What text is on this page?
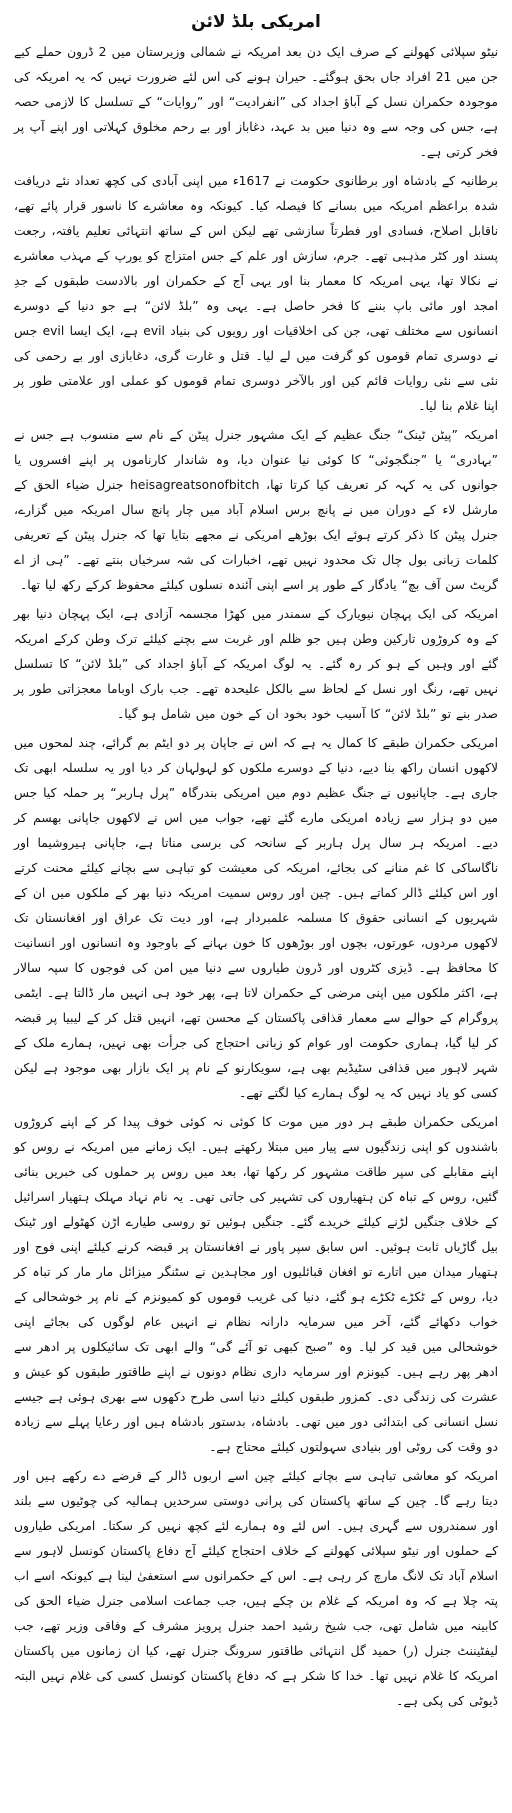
امریکی بلڈ لائن

نیٹو سپلائی کھولنے کے صرف ایک دن بعد امریکہ نے شمالی وزیرستان میں 2 ڈرون حملے کیے جن میں 21 افراد جاں بحق ہوگئے۔ حیران ہونے کی اس لئے ضرورت نہیں کہ یہ امریکہ کی موجودہ حکمران نسل کے آباؤ اجداد کی ”انفرادیت“ اور ”روایات“ کے تسلسل کا لازمی حصہ ہے، جس کی وجہ سے وہ دنیا میں بد عہد، دغاباز اور بے رحم مخلوق کہلاتی اور اپنے آپ پر فخر کرتی ہے۔

برطانیہ کے بادشاہ اور برطانوی حکومت نے 1617ء میں اپنی آبادی کی کچھ تعداد نئے دریافت شدہ براعظم امریکہ میں بسانے کا فیصلہ کیا۔ کیونکہ وہ معاشرے کا ناسور قرار پائے تھے، ناقابل اصلاح، فسادی اور فطرتاً سازشی تھے لیکن اس کے ساتھ انتہائی تعلیم یافتہ، رجعت پسند اور کٹر مذہبی تھے۔ جرم، سازش اور علم کے جس امتزاج کو یورپ کے مہذب معاشرے نے نکالا تھا، یہی امریکہ کا معمار بنا اور یہی آج کے حکمران اور بالادست طبقوں کے جدِ امجد اور مائی باپ بننے کا فخر حاصل ہے۔ یہی وہ ”بلڈ لائن“ ہے جو دنیا کے دوسرے انسانوں سے مختلف تھی، جن کی اخلاقیات اور رویوں کی بنیاد evil ہے، ایک ایسا evil جس نے دوسری تمام قوموں کو گرفت میں لے لیا۔ قتل و غارت گری، دغابازی اور بے رحمی کی نئی سے نئی روایات قائم کیں اور بالآخر دوسری تمام قوموں کو عملی اور علامتی طور پر اپنا غلام بنا لیا۔

امریکہ ”پیٹن ٹینک“ جنگ عظیم کے ایک مشہور جنرل پیٹن کے نام سے منسوب ہے جس نے ”بہادری“ یا ”جنگجوئی“ کا کوئی نیا عنوان دیا، وہ شاندار کارناموں پر اپنے افسروں یا جوانوں کی یہ کہہ کر تعریف کیا کرتا تھا، heisagreatsonofbitch جنرل ضیاء الحق کے مارشل لاء کے دوران میں نے پانچ برس اسلام آباد میں چار پانچ سال امریکہ میں گزارے، جنرل پیٹن کا ذکر کرتے ہوئے ایک بوڑھے امریکی نے مجھے بتایا تھا کہ جنرل پیٹن کے تعریفی کلمات زبانی بول چال تک محدود نہیں تھے، اخبارات کی شہ سرخیاں بنتے تھے۔ ”ہی از اے گریٹ سن آف بچ“ یادگار کے طور پر اسے اپنی آئندہ نسلوں کیلئے محفوظ کرکے رکھ لیا تھا۔

امریکہ کی ایک پہچان نیویارک کے سمندر میں کھڑا مجسمہ آزادی ہے، ایک پہچان دنیا بھر کے وہ کروڑوں تارکین وطن ہیں جو ظلم اور غربت سے بچنے کیلئے ترک وطن کرکے امریکہ گئے اور وہیں کے ہو کر رہ گئے۔ یہ لوگ امریکہ کے آباؤ اجداد کی ”بلڈ لائن“ کا تسلسل نہیں تھے، رنگ اور نسل کے لحاظ سے بالکل علیحدہ تھے۔ جب بارک اوباما معجزاتی طور پر صدر بنے تو ”بلڈ لائن“ کا آسیب خود بخود ان کے خون میں شامل ہو گیا۔

امریکی حکمران طبقے کا کمال یہ ہے کہ اس نے جاپان پر دو ایٹم بم گرائے، چند لمحوں میں لاکھوں انسان راکھ بنا دیے، دنیا کے دوسرے ملکوں کو لہولہان کر دیا اور یہ سلسلہ ابھی تک جاری ہے۔ جاپانیوں نے جنگ عظیم دوم میں امریکی بندرگاہ ”پرل ہاربر“ پر حملہ کیا جس میں دو ہزار سے زیادہ امریکی مارے گئے تھے، جواب میں اس نے لاکھوں جاپانی بھسم کر دیے۔ امریکہ ہر سال پرل ہاربر کے سانحہ کی برسی مناتا ہے، جاپانی ہیروشیما اور ناگاساکی کا غم منانے کی بجائے، امریکہ کی معیشت کو تباہی سے بچانے کیلئے محنت کرتے اور اس کیلئے ڈالر کماتے ہیں۔ چین اور روس سمیت امریکہ دنیا بھر کے ملکوں میں ان کے شہریوں کے انسانی حقوق کا مسلمہ علمبردار ہے، اور دیت تک عراق اور افغانستان تک لاکھوں مردوں، عورتوں، بچوں اور بوڑھوں کا خون بہانے کے باوجود وہ انسانوں اور انسانیت کا محافظ ہے۔ ڈیزی کٹروں اور ڈرون طیاروں سے دنیا میں امن کی فوجوں کا سپہ سالار ہے، اکثر ملکوں میں اپنی مرضی کے حکمران لاتا ہے، پھر خود ہی انہیں مار ڈالتا ہے۔ ایٹمی پروگرام کے حوالے سے معمار قذافی پاکستان کے محسن تھے، انہیں قتل کر کے لیبیا پر قبضہ کر لیا گیا، ہماری حکومت اور عوام کو زبانی احتجاج کی جرأت بھی نہیں، ہمارے ملک کے شہر لاہور میں قذافی سٹیڈیم بھی ہے، سویکارنو کے نام پر ایک بازار بھی موجود ہے لیکن کسی کو یاد نہیں کہ یہ لوگ ہمارے کیا لگتے تھے۔

امریکی حکمران طبقے ہر دور میں موت کا کوئی نہ کوئی خوف پیدا کر کے اپنے کروڑوں باشندوں کو اپنی زندگیوں سے پیار میں مبتلا رکھتے ہیں۔ ایک زمانے میں امریکہ نے روس کو اپنے مقابلے کی سپر طاقت مشہور کر رکھا تھا، بعد میں روس پر حملوں کی خبریں بنائی گئیں، روس کے تباہ کن ہتھیاروں کی تشہیر کی جاتی تھی۔ یہ نام نہاد مہلک ہتھیار اسرائیل کے خلاف جنگیں لڑنے کیلئے خریدے گئے۔ جنگیں ہوئیں تو روسی طیارے اڑن کھٹولے اور ٹینک بیل گاڑیاں ثابت ہوئیں۔ اس سابق سپر پاور نے افغانستان پر قبضہ کرنے کیلئے اپنی فوج اور ہتھیار میدان میں اتارے تو افغان قبائلیوں اور مجاہدین نے سٹنگر میزائل مار مار کر تباہ کر دیا، روس کے ٹکڑے ٹکڑے ہو گئے، دنیا کی غریب قوموں کو کمیونزم کے نام پر خوشحالی کے خواب دکھائے گئے، آخر میں سرمایہ دارانہ نظام نے انہیں عام لوگوں کی بجائے اپنی خوشحالی میں قید کر لیا۔ وہ ”صبح کبھی تو آئے گی“ والے ابھی تک سائیکلوں پر ادھر سے ادھر پھر رہے ہیں۔ کیونزم اور سرمایہ داری نظام دونوں نے اپنے طاقتور طبقوں کو عیش و عشرت کی زندگی دی۔ کمزور طبقوں کیلئے دنیا اسی طرح دکھوں سے بھری ہوئی ہے جیسے نسل انسانی کی ابتدائی دور میں تھی۔ بادشاہ، بدستور بادشاہ ہیں اور رعایا پہلے سے زیادہ دو وقت کی روٹی اور بنیادی سہولتوں کیلئے محتاج ہے۔

امریکہ کو معاشی تباہی سے بچانے کیلئے چین اسے اربوں ڈالر کے قرضے دے رکھے ہیں اور دیتا رہے گا۔ چین کے ساتھ پاکستان کی پرانی دوستی سرحدیں ہمالیہ کی چوٹیوں سے بلند اور سمندروں سے گہری ہیں۔ اس لئے وہ ہمارے لئے کچھ نہیں کر سکتا۔ امریکی طیاروں کے حملوں اور نیٹو سپلائی کھولنے کے خلاف احتجاج کیلئے آج دفاع پاکستان کونسل لاہور سے اسلام آباد تک لانگ مارچ کر رہی ہے۔ اس کے حکمرانوں سے استعفیٰ لینا ہے کیونکہ اسے اب پتہ چلا ہے کہ وہ امریکہ کے غلام بن چکے ہیں، جب جماعت اسلامی جنرل ضیاء الحق کی کابینہ میں شامل تھی، جب شیخ رشید احمد جنرل پرویز مشرف کے وفاقی وزیر تھے، جب لیفٹیننٹ جنرل (ر) حمید گل انتہائی طاقتور سرونگ جنرل تھے، کیا ان زمانوں میں پاکستان امریکہ کا غلام نہیں تھا۔ خدا کا شکر ہے کہ دفاع پاکستان کونسل کسی کی غلام نہیں البتہ ڈیوٹی کی پکی ہے۔
